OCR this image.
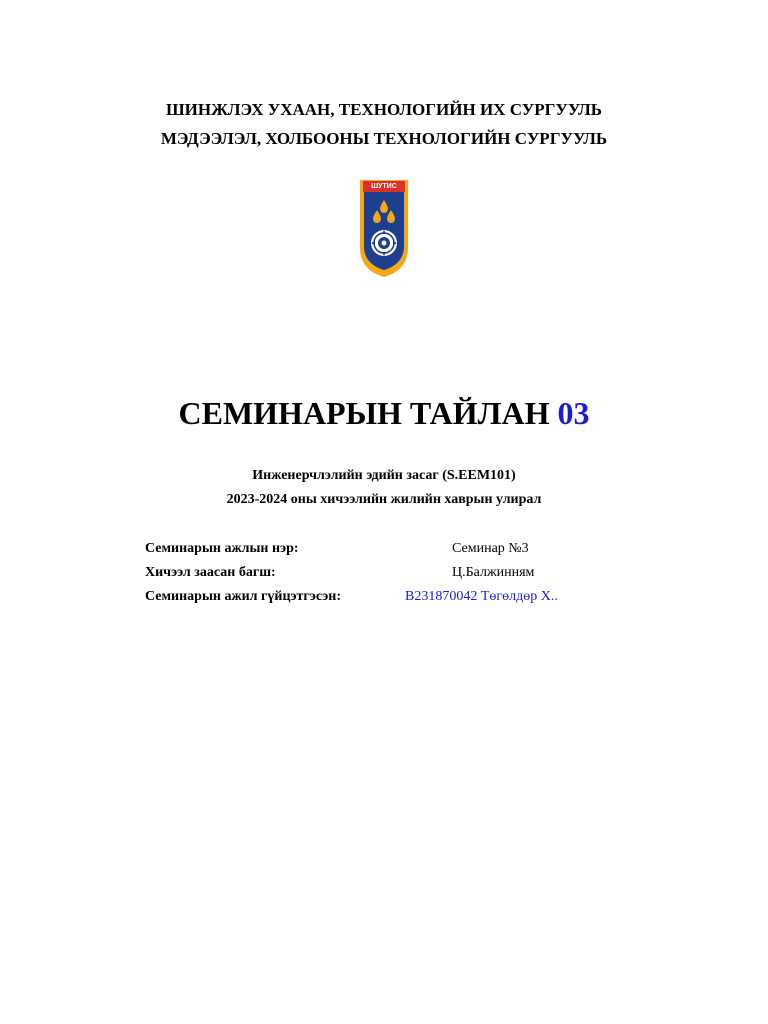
ШИНЖЛЭХ УХААН, ТЕХНОЛОГИЙН ИХ СУРГУУЛЬ
МЭДЭЭЛЭЛ, ХОЛБООНЫ ТЕХНОЛОГИЙН СУРГУУЛЬ
ШУТИС
СЕМИНАРЫН ТАЙЛАН 03
Инженерчлэлийн эдийн засаг (S.EEM101)
2023-2024 оны хичээлийн жилийн хаврын улирал
Семинарын ажлын нэр:	Семинар №3
Хичээл заасан багш:	Ц.Балжинням
Семинарын ажил гүйцэтгэсэн:	B231870042 Төгөлдөр Х..
